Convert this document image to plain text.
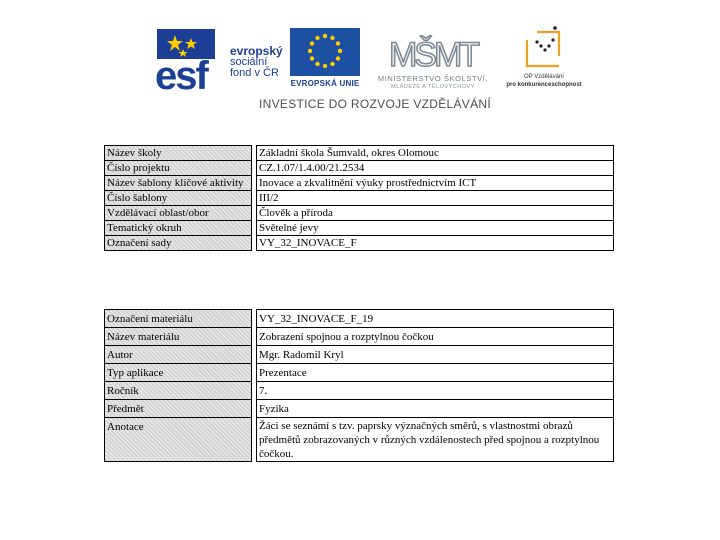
esf
evropský
sociální
fond v ČR
EVROPSKÁ UNIE
MŠMT
MINISTERSTVO ŠKOLSTVÍ,
MLÁDEŽE A TĚLOVÝCHOVY
OP Vzdělávání
pro konkurenceschopnost
INVESTICE DO ROZVOJE VZDĚLÁVÁNÍ
Název školy		Základní škola Šumvald, okres Olomouc
Číslo projektu		CZ.1.07/1.4.00/21.2534
Název šablony klíčové aktivity		Inovace a zkvalitnění výuky prostřednictvím ICT
Číslo šablony		III/2
Vzdělávací oblast/obor		Člověk a příroda
Tematický okruh		Světelné jevy
Označení sady		VY_32_INOVACE_F
Označení materiálu		VY_32_INOVACE_F_19
Název materiálu		Zobrazení spojnou a rozptylnou čočkou
Autor		Mgr. Radomil Kryl
Typ aplikace		Prezentace
Ročník		7.
Předmět		Fyzika
Anotace		Žáci se seznámí s tzv. paprsky význačných směrů, s vlastnostmi obrazů předmětů zobrazovaných v různých vzdálenostech před spojnou a rozptylnou čočkou.
